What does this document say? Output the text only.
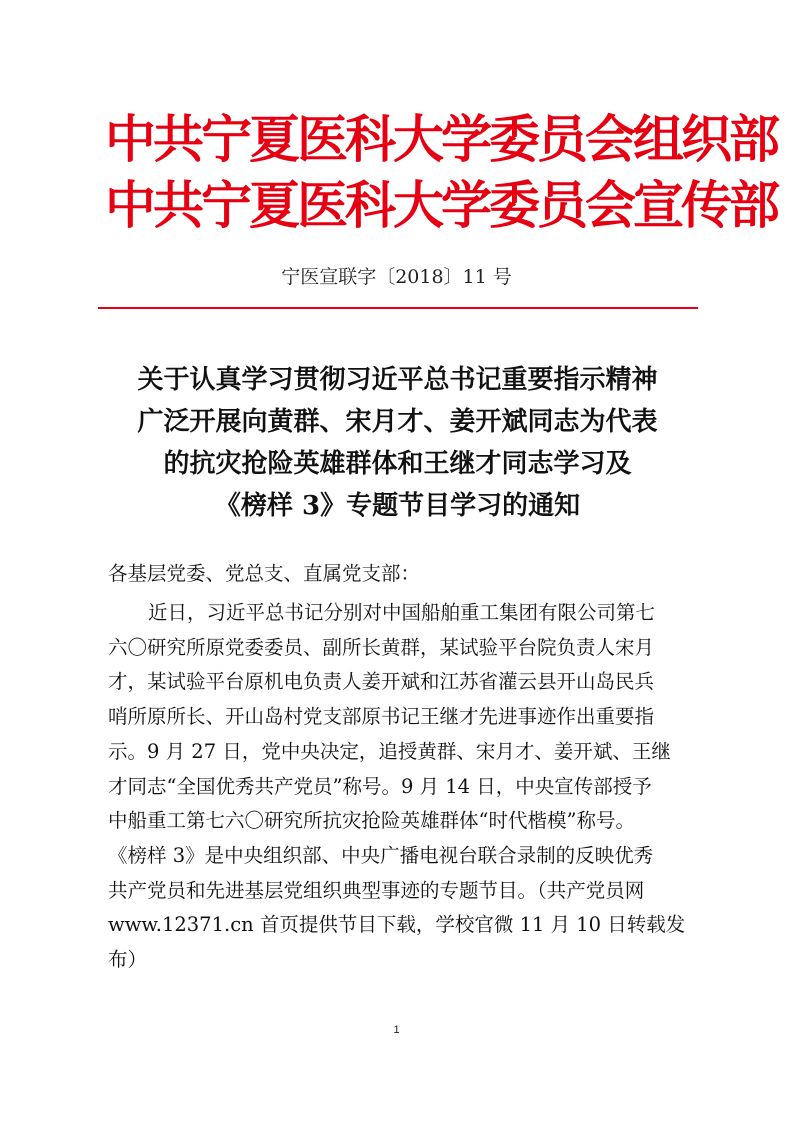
中共宁夏医科大学委员会组织部
中共宁夏医科大学委员会宣传部
宁医宣联字〔2018〕11 号
关于认真学习贯彻习近平总书记重要指示精神
广泛开展向黄群、宋月才、姜开斌同志为代表
的抗灾抢险英雄群体和王继才同志学习及
《榜样 3》专题节目学习的通知
各基层党委、党总支、直属党支部：
近日，习近平总书记分别对中国船舶重工集团有限公司第七
六〇研究所原党委委员、副所长黄群，某试验平台院负责人宋月
才，某试验平台原机电负责人姜开斌和江苏省灌云县开山岛民兵
哨所原所长、开山岛村党支部原书记王继才先进事迹作出重要指
示。9 月 27 日，党中央决定，追授黄群、宋月才、姜开斌、王继
才同志“全国优秀共产党员”称号。9 月 14 日，中央宣传部授予
中船重工第七六〇研究所抗灾抢险英雄群体“时代楷模”称号。
《榜样 3》是中央组织部、中央广播电视台联合录制的反映优秀
共产党员和先进基层党组织典型事迹的专题节目。（共产党员网
www.12371.cn 首页提供节目下载，学校官微 11 月 10 日转载发
布）
1
